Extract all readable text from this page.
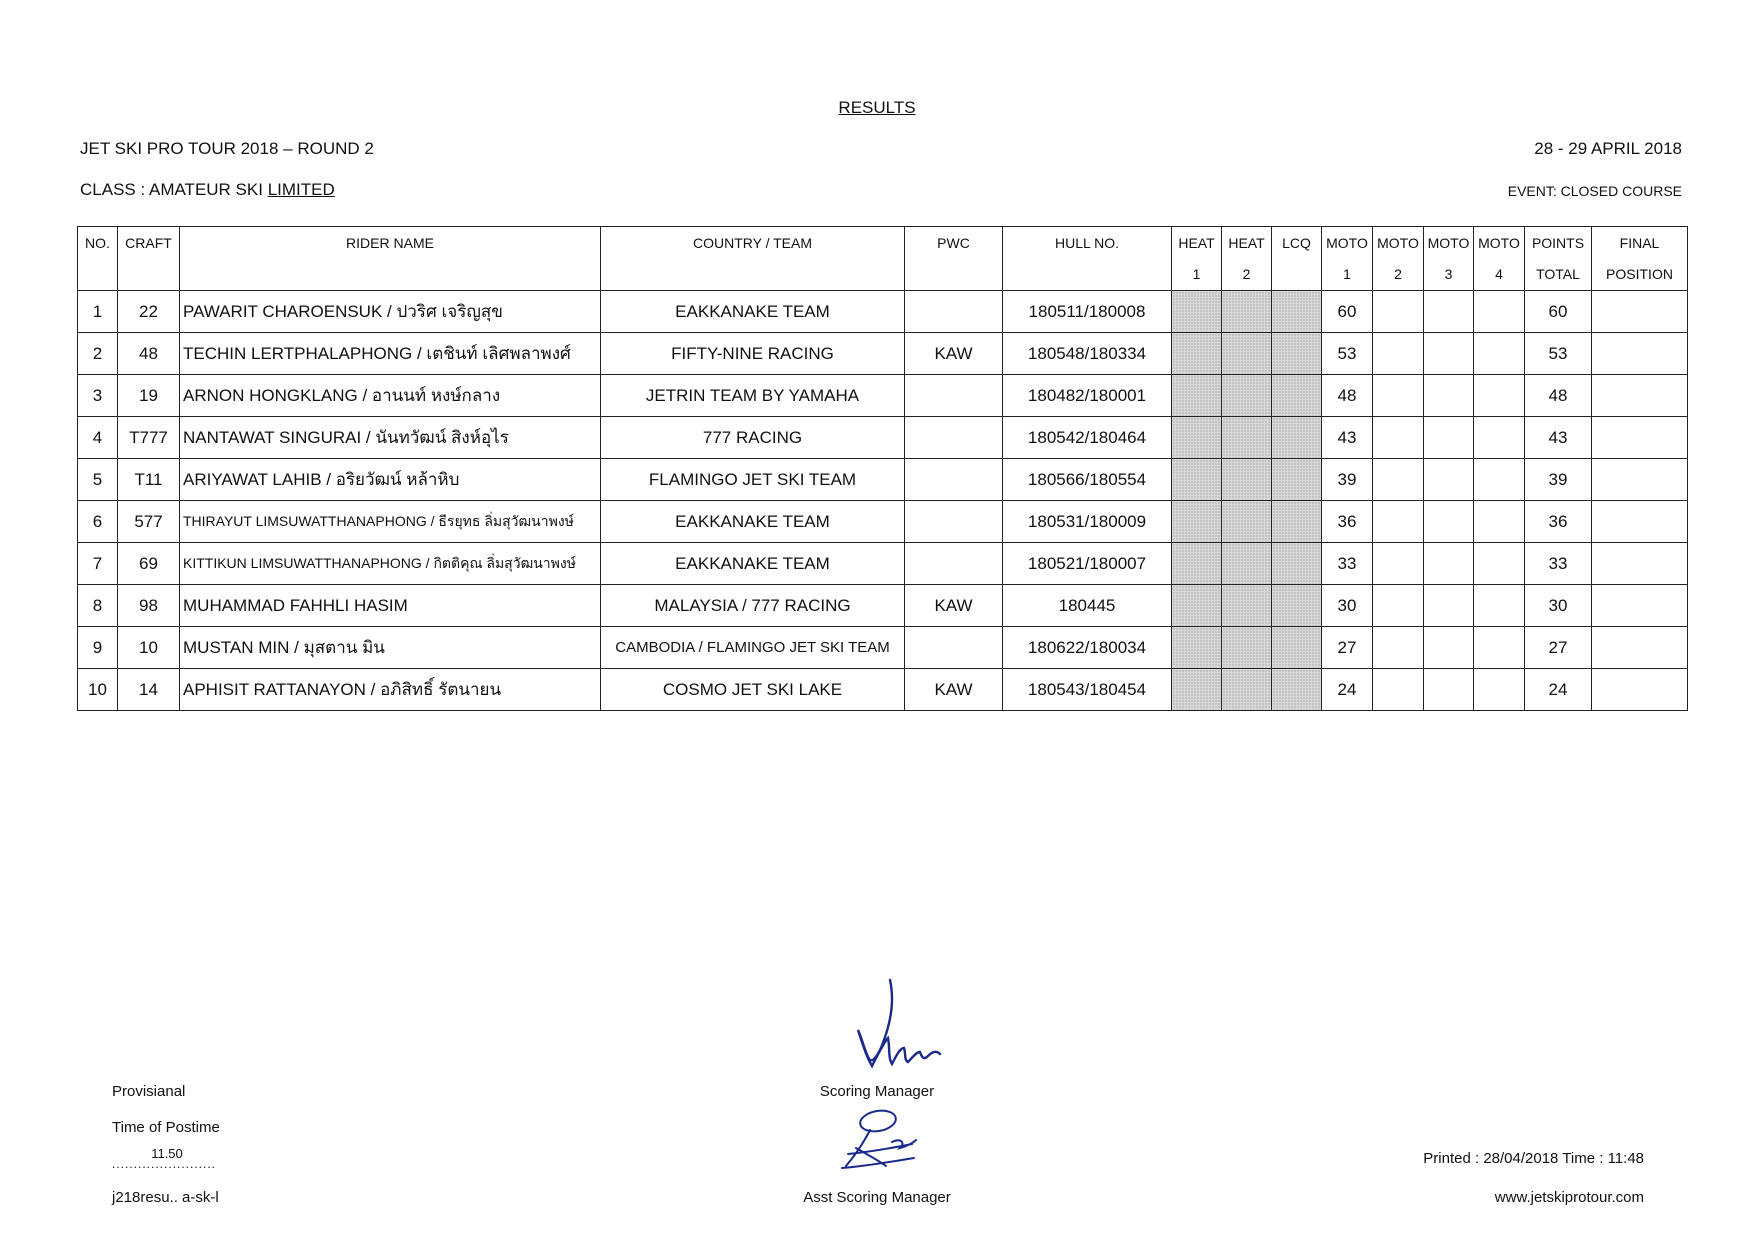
RESULTS
JET SKI PRO TOUR 2018 – ROUND 2	28 - 29 APRIL 2018
CLASS : AMATEUR SKI LIMITED	EVENT: CLOSED COURSE
NO.	CRAFT	RIDER NAME	COUNTRY / TEAM	PWC	HULL NO.	HEAT	HEAT	LCQ	MOTO	MOTO	MOTO	MOTO	POINTS	FINAL
						1	2		1	2	3	4	TOTAL	POSITION
1	22	PAWARIT CHAROENSUK / ปวริศ เจริญสุข	EAKKANAKE TEAM		180511/180008				60				60	
2	48	TECHIN LERTPHALAPHONG / เตชินท์ เลิศพลาพงศ์	FIFTY-NINE RACING	KAW	180548/180334				53				53	
3	19	ARNON HONGKLANG / อานนท์ หงษ์กลาง	JETRIN TEAM BY YAMAHA		180482/180001				48				48	
4	T777	NANTAWAT SINGURAI / นันทวัฒน์ สิงห์อุไร	777 RACING		180542/180464				43				43	
5	T11	ARIYAWAT LAHIB / อริยวัฒน์ หล้าหิบ	FLAMINGO JET SKI TEAM		180566/180554				39				39	
6	577	THIRAYUT LIMSUWATTHANAPHONG / ธีรยุทธ ลิ่มสุวัฒนาพงษ์	EAKKANAKE TEAM		180531/180009				36				36	
7	69	KITTIKUN LIMSUWATTHANAPHONG / กิตติคุณ ลิ่มสุวัฒนาพงษ์	EAKKANAKE TEAM		180521/180007				33				33	
8	98	MUHAMMAD FAHHLI HASIM	MALAYSIA / 777 RACING	KAW	180445				30				30	
9	10	MUSTAN MIN / มุสตาน มิน	CAMBODIA / FLAMINGO JET SKI TEAM		180622/180034				27				27	
10	14	APHISIT RATTANAYON / อภิสิทธิ์ รัตนายน	COSMO JET SKI LAKE	KAW	180543/180454				24				24	
Provisianal
Time of Postime
11.50
........................
j218resu.. a-sk-l
Scoring Manager
Asst Scoring Manager
Printed : 28/04/2018 Time : 11:48
www.jetskiprotour.com
